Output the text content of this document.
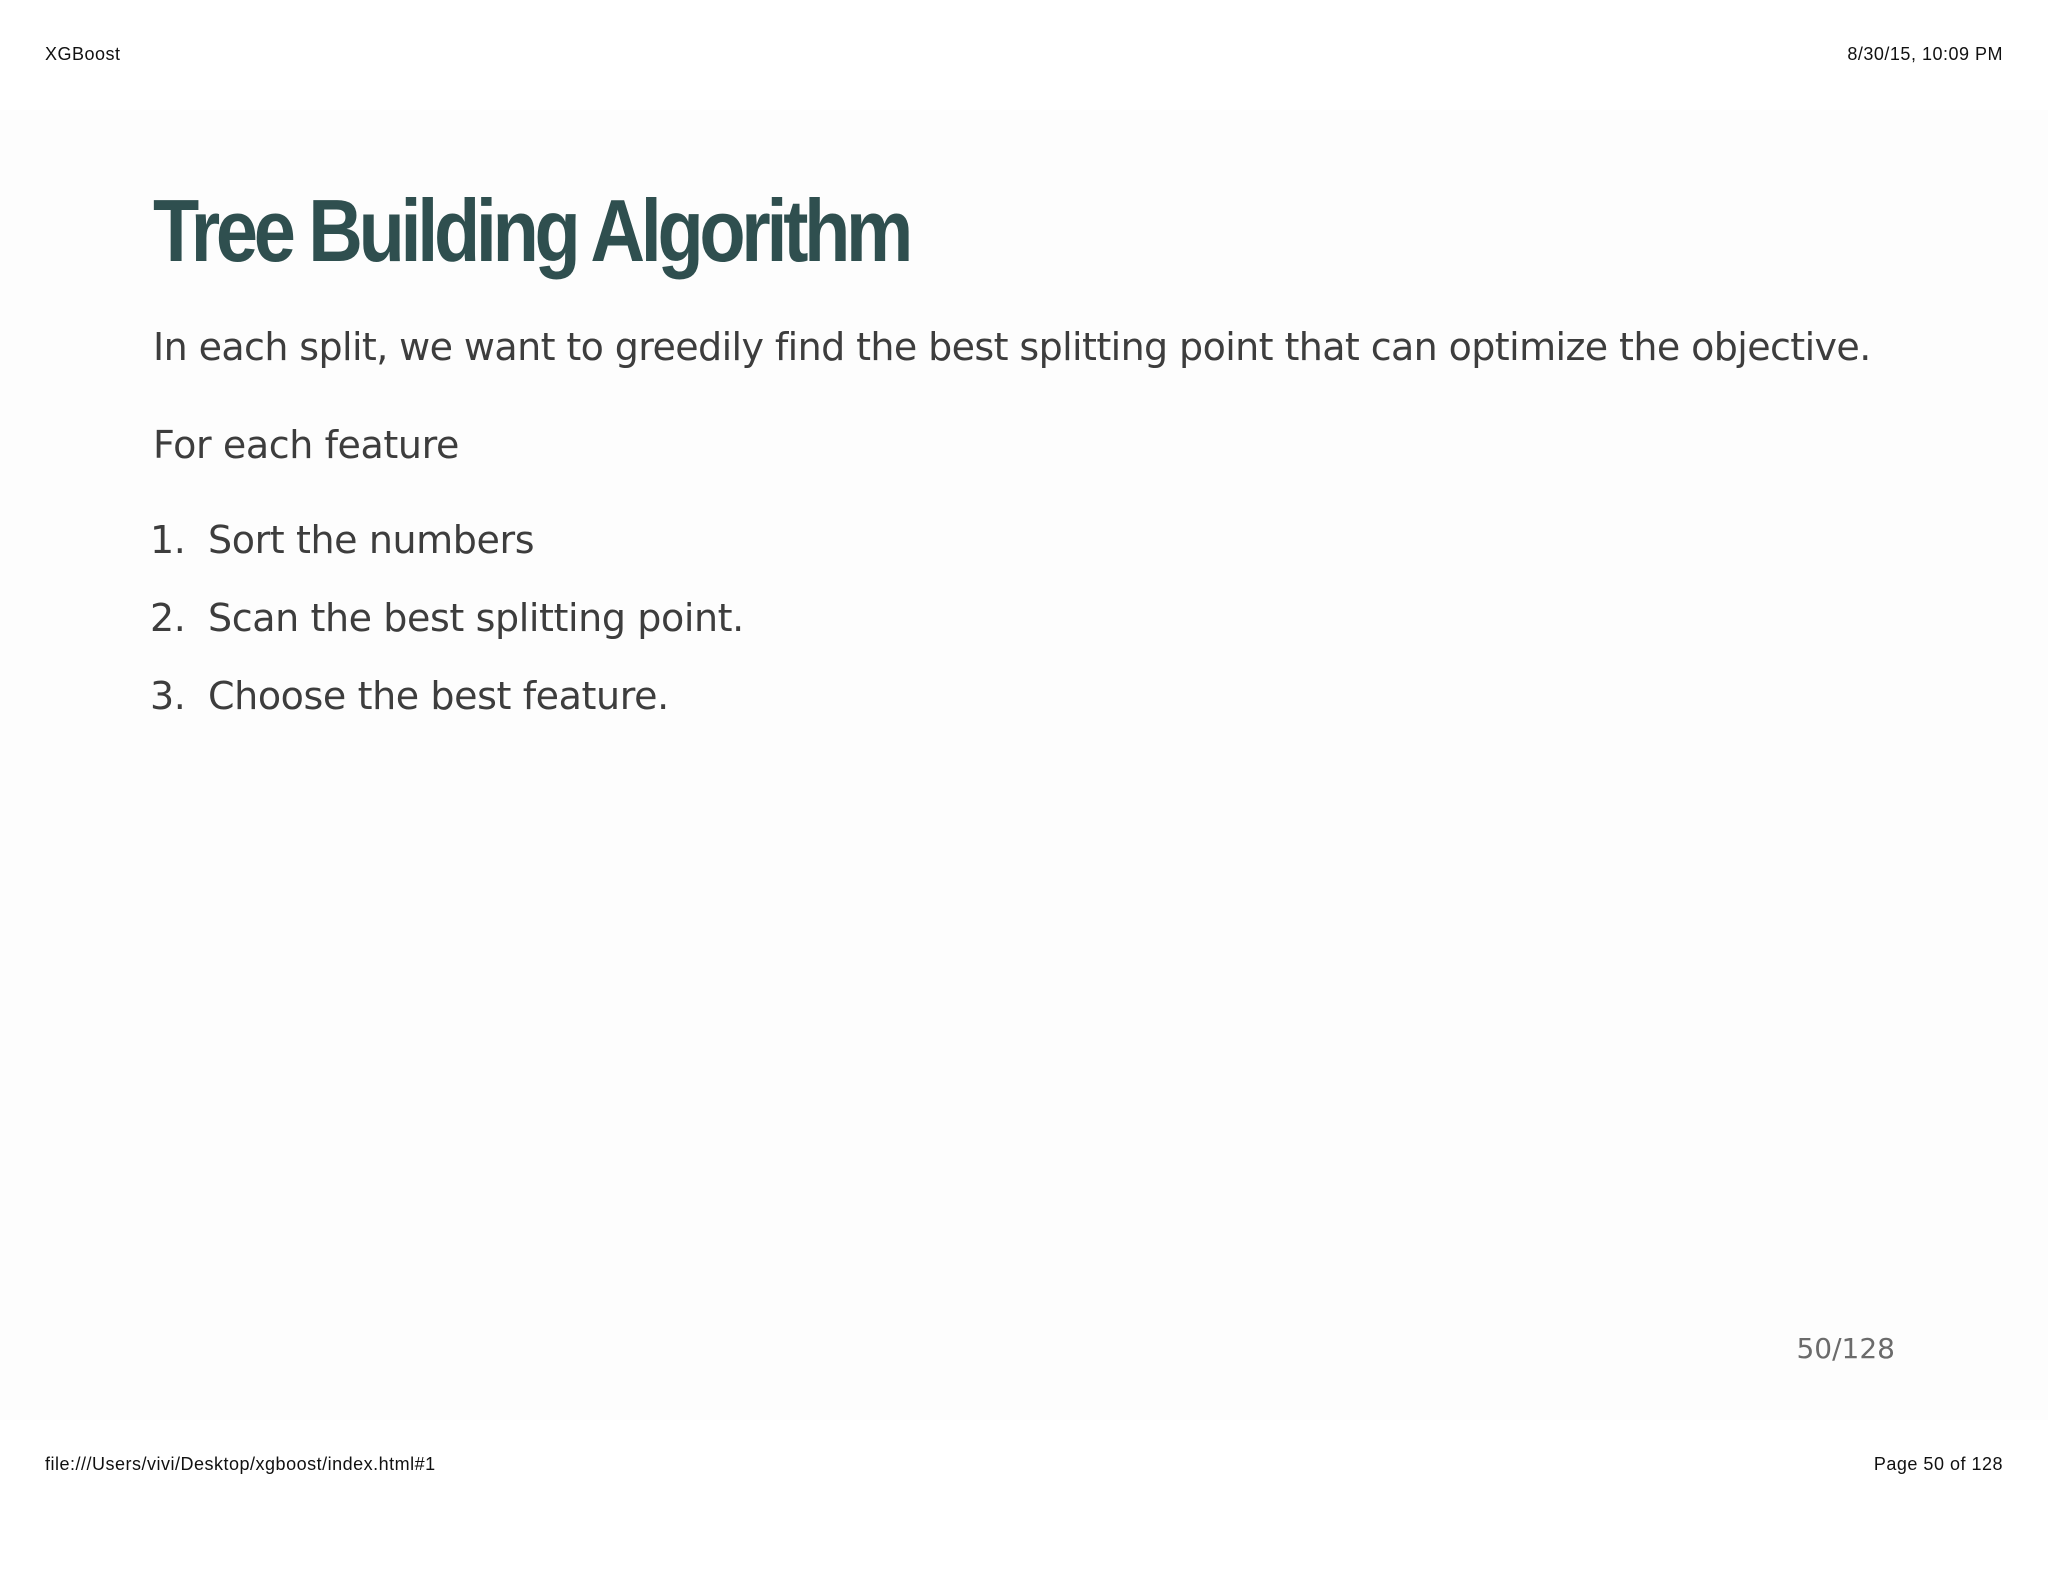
XGBoost	8/30/15, 10:09 PM
Tree Building Algorithm
In each split, we want to greedily find the best splitting point that can optimize the objective.
For each feature
1. Sort the numbers
2. Scan the best splitting point.
3. Choose the best feature.
50/128
file:///Users/vivi/Desktop/xgboost/index.html#1	Page 50 of 128
